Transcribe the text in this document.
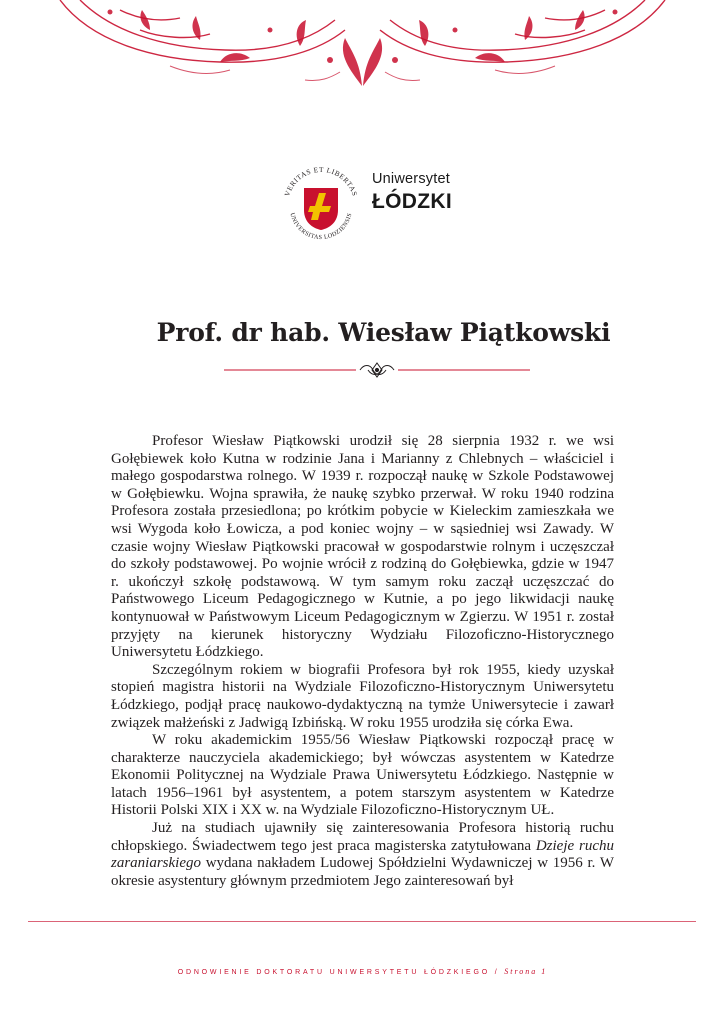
VERITAS ET LIBERTAS
UNIVERSITAS LODZIENSIS
Uniwersytet
ŁÓDZKI
Prof. dr hab. Wiesław Piątkowski

Profesor Wiesław Piątkowski urodził się 28 sierpnia 1932 r. we wsi Gołębiewek koło Kutna w rodzinie Jana i Marianny z Chlebnych – właściciel i małego gospodarstwa rolnego. W 1939 r. rozpoczął naukę w Szkole Podstawowej w Gołębiewku. Wojna sprawiła, że naukę szybko przerwał. W roku 1940 rodzina Profesora została przesiedlona; po krótkim pobycie w Kieleckim zamieszkała we wsi Wygoda koło Łowicza, a pod koniec wojny – w sąsiedniej wsi Zawady. W czasie wojny Wiesław Piątkowski pracował w gospodarstwie rolnym i uczęszczał do szkoły podstawowej. Po wojnie wrócił z rodziną do Gołębiewka, gdzie w 1947 r. ukończył szkołę podstawową. W tym samym roku zaczął uczęszczać do Państwowego Liceum Pedagogicznego w Kutnie, a po jego likwidacji naukę kontynuował w Państwowym Liceum Pedagogicznym w Zgierzu. W 1951 r. został przyjęty na kierunek historyczny Wydziału Filozoficzno-Historycznego Uniwersytetu Łódzkiego.

Szczególnym rokiem w biografii Profesora był rok 1955, kiedy uzyskał stopień magistra historii na Wydziale Filozoficzno-Historycznym Uniwersytetu Łódzkiego, podjął pracę naukowo-dydaktyczną na tymże Uniwersytecie i zawarł związek małżeński z Jadwigą Izbińską. W roku 1955 urodziła się córka Ewa.

W roku akademickim 1955/56 Wiesław Piątkowski rozpoczął pracę w charakterze nauczyciela akademickiego; był wówczas asystentem w Katedrze Ekonomii Politycznej na Wydziale Prawa Uniwersytetu Łódzkiego. Następnie w latach 1956–1961 był asystentem, a potem starszym asystentem w Katedrze Historii Polski XIX i XX w. na Wydziale Filozoficzno-Historycznym UŁ.

Już na studiach ujawniły się zainteresowania Profesora historią ruchu chłopskiego. Świadectwem tego jest praca magisterska zatytułowana Dzieje ruchu zaraniarskiego wydana nakładem Ludowej Spółdzielni Wydawniczej w 1956 r. W okresie asystentury głównym przedmiotem Jego zainteresowań był

ODNOWIENIE DOKTORATU UNIWERSYTETU ŁÓDZKIEGO / Strona 1
